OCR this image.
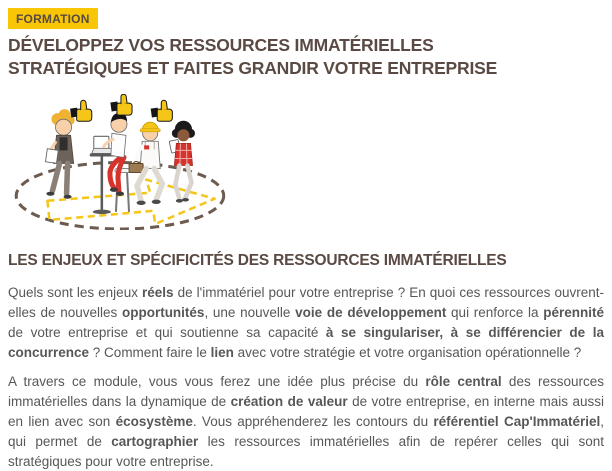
FORMATION
DÉVELOPPEZ VOS RESSOURCES IMMATÉRIELLES
STRATÉGIQUES ET FAITES GRANDIR VOTRE ENTREPRISE
LES ENJEUX ET SPÉCIFICITÉS DES RESSOURCES IMMATÉRIELLES

Quels sont les enjeux réels de l'immatériel pour votre entreprise ? En quoi ces ressources ouvrent-elles de nouvelles opportunités, une nouvelle voie de développement qui renforce la pérennité de votre entreprise et qui soutienne sa capacité à se singulariser, à se différencier de la concurrence ? Comment faire le lien avec votre stratégie et votre organisation opérationnelle ?

A travers ce module, vous vous ferez une idée plus précise du rôle central des ressources immatérielles dans la dynamique de création de valeur de votre entreprise, en interne mais aussi en lien avec son écosystème. Vous appréhenderez les contours du référentiel Cap'Immatériel, qui permet de cartographier les ressources immatérielles afin de repérer celles qui sont stratégiques pour votre entreprise.
